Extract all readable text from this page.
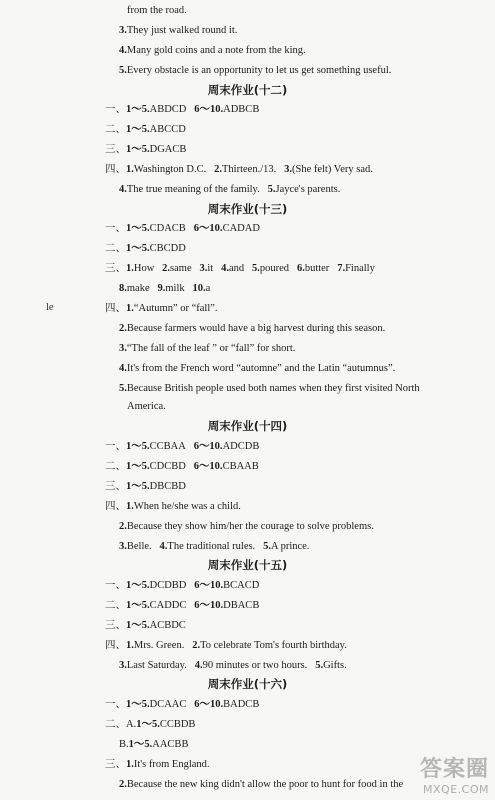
周末作业(十二)
周末作业(十三)
周末作业(十四)
周末作业(十五)
周末作业(十六)
from the road.
3.They just walked round it.
4.Many gold coins and a note from the king.
5.Every obstacle is an opportunity to let us get something useful.
一、1～5.ABDCD   6～10.ADBCB
二、1～5.ABCCD
三、1～5.DGACB
四、1.Washington D.C.   2.Thirteen./13.   3.(She felt) Very sad.
4.The true meaning of the family.   5.Jayce's parents.
一、1～5.CDACB   6～10.CADAD
二、1～5.CBCDD
三、1.How   2.same   3.it   4.and   5.poured   6.butter   7.Finally
8.make   9.milk   10.a
四、1.“Autumn” or “fall”.
2.Because farmers would have a big harvest during this season.
3.“The fall of the leaf ” or “fall” for short.
4.It's from the French word “automne” and the Latin “autumnus”.
5.Because British people used both names when they first visited North
America.
一、1～5.CCBAA   6～10.ADCDB
二、1～5.CDCBD   6～10.CBAAB
三、1～5.DBCBD
四、1.When he/she was a child.
2.Because they show him/her the courage to solve problems.
3.Belle.   4.The traditional rules.   5.A prince.
一、1～5.DCDBD   6～10.BCACD
二、1～5.CADDC   6～10.DBACB
三、1～5.ACBDC
四、1.Mrs. Green.   2.To celebrate Tom's fourth birthday.
3.Last Saturday.   4.90 minutes or two hours.   5.Gifts.
一、1～5.DCAAC   6～10.BADCB
二、A.1～5.CCBDB
B.1～5.AACBB
三、1.It's from England.
2.Because the new king didn't allow the poor to hunt for food in the
le
答案圈
MXQE.COM
